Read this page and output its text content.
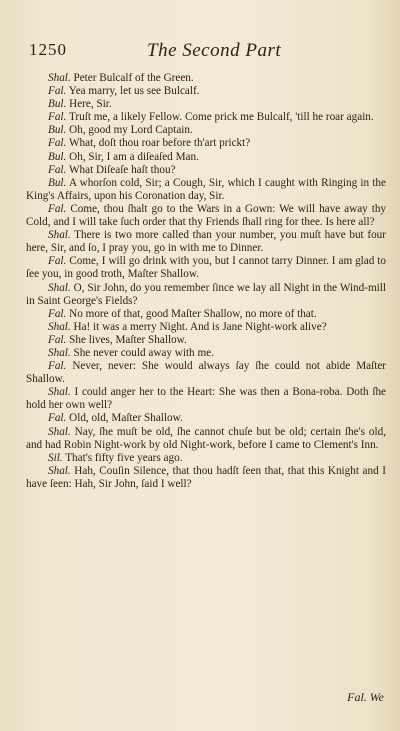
1250	The Second Part

Shal. Peter Bulcalf of the Green.

Fal. Yea marry, let us see Bulcalf.

Bul. Here, Sir.

Fal. Truſt me, a likely Fellow. Come prick me Bulcalf, 'till he roar again.

Bul. Oh, good my Lord Captain.

Fal. What, doſt thou roar before th'art prickt?

Bul. Oh, Sir, I am a diſeaſed Man.

Fal. What Diſeaſe haſt thou?

Bul. A whorſon cold, Sir; a Cough, Sir, which I caught with Ringing in the King's Affairs, upon his Coronation day, Sir.

Fal. Come, thou ſhalt go to the Wars in a Gown: We will have away thy Cold, and I will take ſuch order that thy Friends ſhall ring for thee. Is here all?

Shal. There is two more called than your number, you muſt have but four here, Sir, and ſo, I pray you, go in with me to Dinner.

Fal. Come, I will go drink with you, but I cannot tarry Dinner. I am glad to ſee you, in good troth, Maſter Shallow.

Shal. O, Sir John, do you remember ſince we lay all Night in the Wind-mill in Saint George's Fields?

Fal. No more of that, good Maſter Shallow, no more of that.

Shal. Ha! it was a merry Night. And is Jane Night-work alive?

Fal. She lives, Maſter Shallow.

Shal. She never could away with me.

Fal. Never, never: She would always ſay ſhe could not abide Maſter Shallow.

Shal. I could anger her to the Heart: She was then a Bona-roba. Doth ſhe hold her own well?

Fal. Old, old, Maſter Shallow.

Shal. Nay, ſhe muſt be old, ſhe cannot chuſe but be old; certain ſhe's old, and had Robin Night-work by old Night-work, before I came to Clement's Inn.

Sil. That's fifty five years ago.

Shal. Hah, Couſin Silence, that thou hadſt ſeen that, that this Knight and I have ſeen: Hah, Sir John, ſaid I well?

Fal. We
